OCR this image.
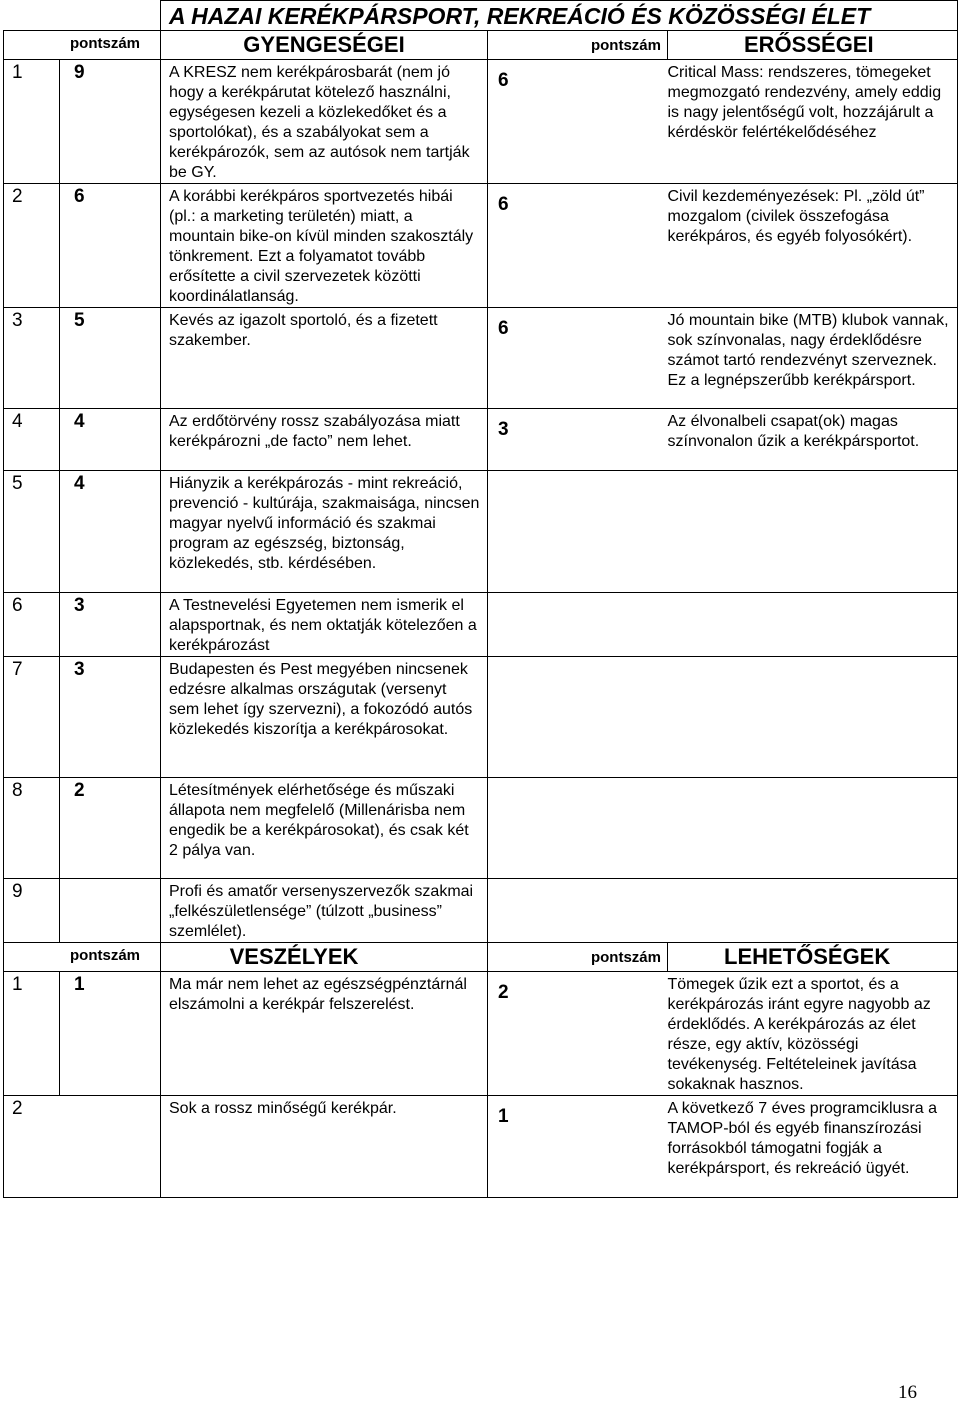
		A HAZAI KERÉKPÁRSPORT, REKREÁCIÓ ÉS KÖZÖSSÉGI ÉLET		

pontszám		GYENGESÉGEI	pontszám	ERŐSSÉGEI
1	9	A KRESZ nem kerékpárosbarát (nem jó hogy a kerékpárutat kötelező használni, egységesen kezeli a közlekedőket és a sportolókat), és a szabályokat sem a kerékpározók, sem az autósok nem tartják be GY.	6	Critical Mass: rendszeres, tömegeket megmozgató rendezvény, amely eddig is nagy jelentőségű volt, hozzájárult a kérdéskör felértékelődéséhez
2	6	A korábbi kerékpáros sportvezetés hibái (pl.: a marketing területén) miatt, a mountain bike-on kívül minden szakosztály tönkrement. Ezt a folyamatot tovább erősítette a civil szervezetek közötti koordinálatlanság.	6	Civil kezdeményezések: Pl. „zöld út” mozgalom (civilek összefogása kerékpáros, és egyéb folyosókért).
3	5	Kevés az igazolt sportoló, és a fizetett szakember.	6	Jó mountain bike (MTB) klubok vannak, sok színvonalas, nagy érdeklődésre számot tartó rendezvényt szerveznek. Ez a legnépszerűbb kerékpársport.
4	4	Az erdőtörvény rossz szabályozása miatt kerékpározni „de facto” nem lehet.	3	Az élvonalbeli csapat(ok) magas színvonalon űzik a kerékpársportot.
5	4	Hiányzik a kerékpározás - mint rekreáció, prevenció - kultúrája, szakmaisága, nincsen magyar nyelvű információ és szakmai program az egészség, biztonság, közlekedés, stb. kérdésében.		
6	3	A Testnevelési Egyetemen nem ismerik el alapsportnak, és nem oktatják kötelezően a kerékpározást		
7	3	Budapesten és Pest megyében nincsenek edzésre alkalmas országutak (versenyt sem lehet így szervezni), a fokozódó autós közlekedés kiszorítja a kerékpárosokat.		
8	2	Létesítmények elérhetősége és műszaki állapota nem megfelelő (Millenárisba nem engedik be a kerékpárosokat), és csak két 2 pálya van.		
9		Profi és amatőr versenyszervezők szakmai „felkészületlensége” (túlzott „business” szemlélet).		

pontszám		VESZÉLYEK	pontszám	LEHETŐSÉGEK
1	1	Ma már nem lehet az egészségpénztárnál elszámolni a kerékpár felszerelést.	2	Tömegek űzik ezt a sportot, és a kerékpározás iránt egyre nagyobb az érdeklődés. A kerékpározás az élet része, egy aktív, közösségi tevékenység. Feltételeinek javítása sokaknak hasznos.
2		Sok a rossz minőségű kerékpár.	1	A következő 7 éves programciklusra a TAMOP-ból és egyéb finanszírozási forrásokból támogatni fogják a kerékpársport, és rekreáció ügyét.
16
